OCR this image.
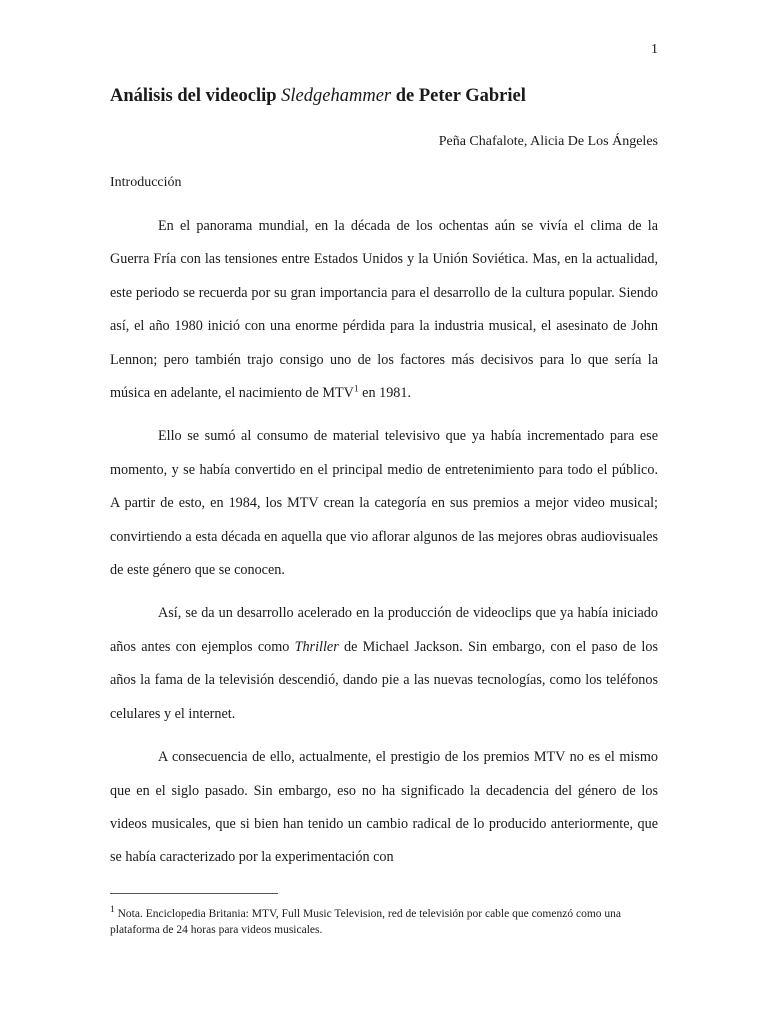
1
Análisis del videoclip Sledgehammer de Peter Gabriel
Peña Chafalote, Alicia De Los Ángeles
Introducción

En el panorama mundial, en la década de los ochentas aún se vivía el clima de la Guerra Fría con las tensiones entre Estados Unidos y la Unión Soviética. Mas, en la actualidad, este periodo se recuerda por su gran importancia para el desarrollo de la cultura popular. Siendo así, el año 1980 inició con una enorme pérdida para la industria musical, el asesinato de John Lennon; pero también trajo consigo uno de los factores más decisivos para lo que sería la música en adelante, el nacimiento de MTV$^1$ en 1981.

Ello se sumó al consumo de material televisivo que ya había incrementado para ese momento, y se había convertido en el principal medio de entretenimiento para todo el público. A partir de esto, en 1984, los MTV crean la categoría en sus premios a mejor video musical; convirtiendo a esta década en aquella que vio aflorar algunos de las mejores obras audiovisuales de este género que se conocen.

Así, se da un desarrollo acelerado en la producción de videoclips que ya había iniciado años antes con ejemplos como Thriller de Michael Jackson. Sin embargo, con el paso de los años la fama de la televisión descendió, dando pie a las nuevas tecnologías, como los teléfonos celulares y el internet.

A consecuencia de ello, actualmente, el prestigio de los premios MTV no es el mismo que en el siglo pasado. Sin embargo, eso no ha significado la decadencia del género de los videos musicales, que si bien han tenido un cambio radical de lo producido anteriormente, que se había caracterizado por la experimentación con

$^1$ Nota. Enciclopedia Britania: MTV, Full Music Television, red de televisión por cable que comenzó como una plataforma de 24 horas para videos musicales.
